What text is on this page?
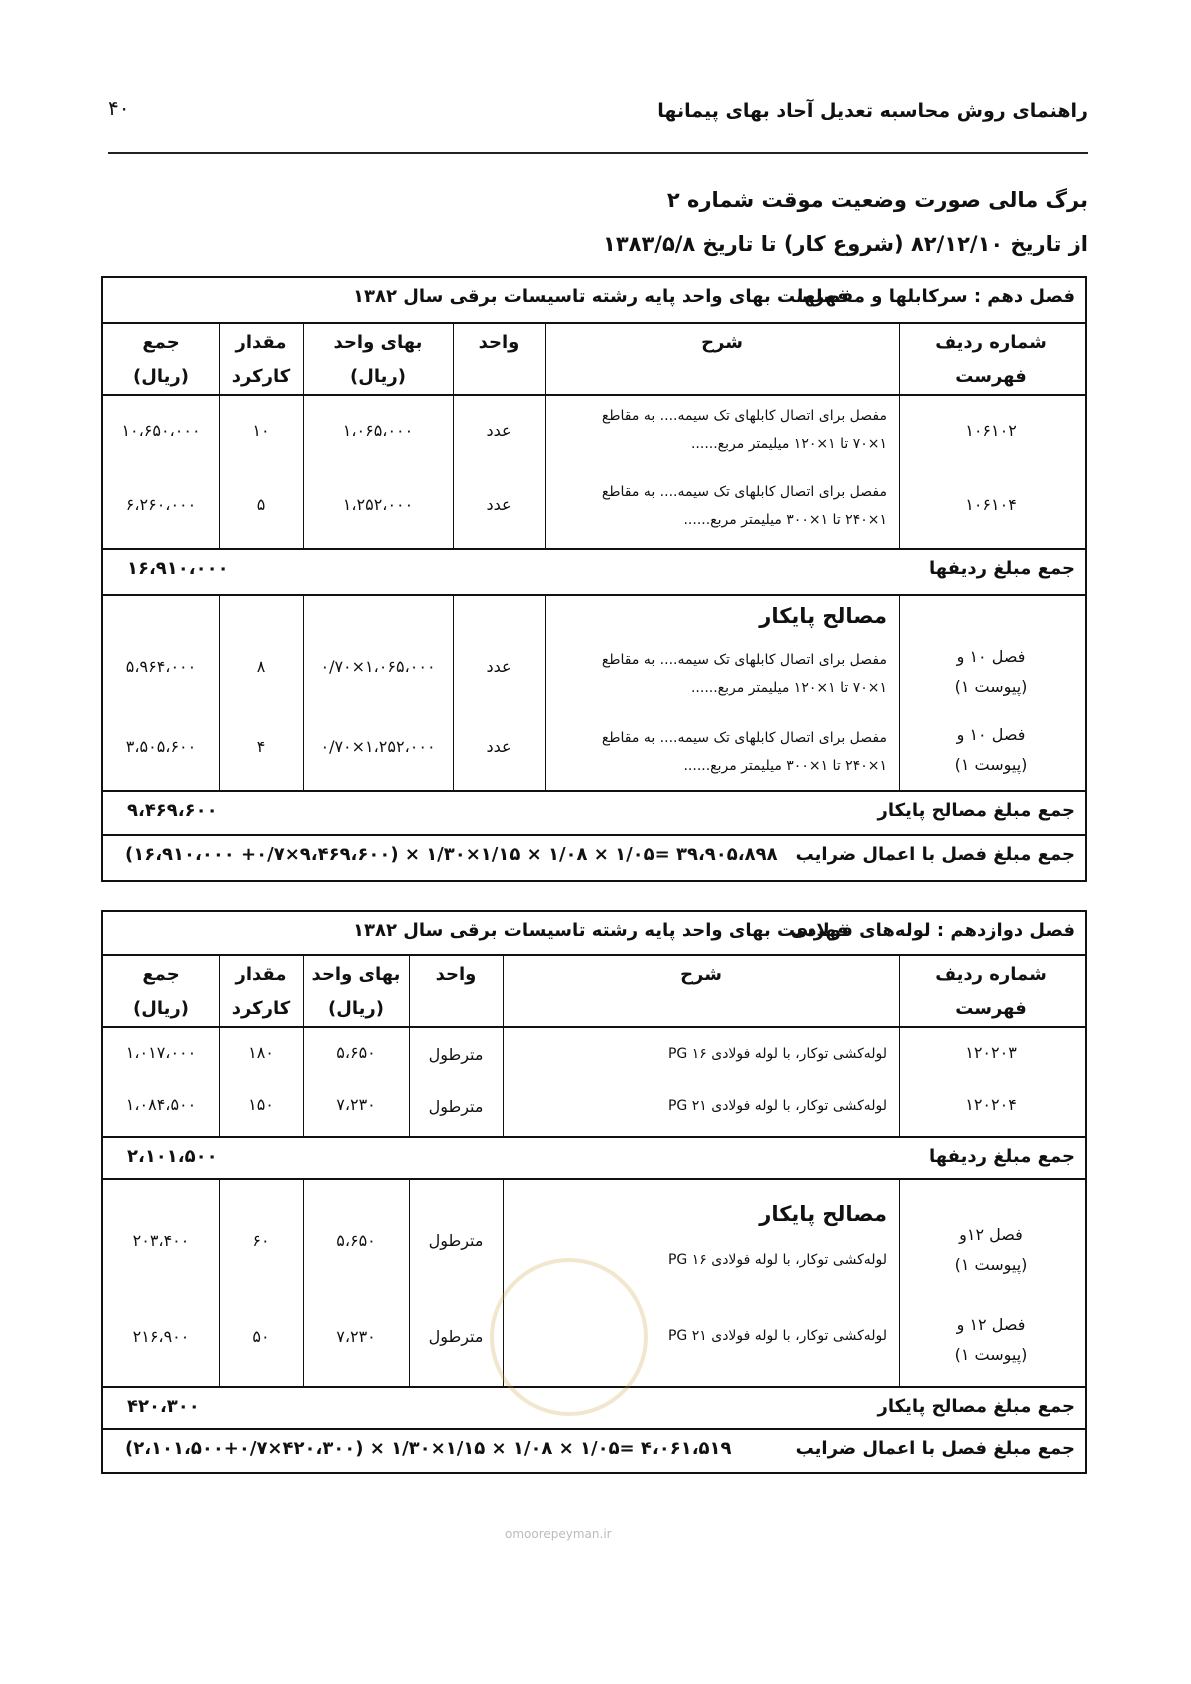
راهنمای روش محاسبه تعدیل آحاد بهای پیمانها
۴۰
برگ مالی صورت وضعیت موقت شماره ۲
از تاریخ ۸۲/۱۲/۱۰ (شروع کار) تا تاریخ ۱۳۸۳/۵/۸
فصل دهم : سرکابلها و مفصلها
فهرست بهای واحد پایه رشته تاسیسات برقی سال ۱۳۸۲
شماره ردیف
فهرست
شرح
واحد
بهای واحد
(ریال)
مقدار
کارکرد
جمع
(ریال)
۱۰۶۱۰۲
مفصل برای اتصال کابلهای تک سیمه.... به مقاطع
۱×۷۰ تا ۱×۱۲۰ میلیمتر مربع......
عدد
۱،۰۶۵،۰۰۰
۱۰
۱۰،۶۵۰،۰۰۰
۱۰۶۱۰۴
مفصل برای اتصال کابلهای تک سیمه.... به مقاطع
۱×۲۴۰ تا ۱×۳۰۰ میلیمتر مربع......
عدد
۱،۲۵۲،۰۰۰
۵
۶،۲۶۰،۰۰۰
جمع مبلغ ردیفها
۱۶،۹۱۰،۰۰۰
مصالح پایکار
فصل ۱۰ و
(پیوست ۱)
مفصل برای اتصال کابلهای تک سیمه.... به مقاطع
۱×۷۰ تا ۱×۱۲۰ میلیمتر مربع......
عدد
۰/۷۰×۱،۰۶۵،۰۰۰
۸
۵،۹۶۴،۰۰۰
فصل ۱۰ و
(پیوست ۱)
مفصل برای اتصال کابلهای تک سیمه.... به مقاطع
۱×۲۴۰ تا ۱×۳۰۰ میلیمتر مربع......
عدد
۰/۷۰×۱،۲۵۲،۰۰۰
۴
۳،۵۰۵،۶۰۰
جمع مبلغ مصالح پایکار
۹،۴۶۹،۶۰۰
جمع مبلغ فصل با اعمال ضرایب
(۱۶،۹۱۰،۰۰۰ +۰/۷×۹،۴۶۹،۶۰۰) × ۱/۳۰×۱/۱۵ × ۱/۰۸ × ۱/۰۵= ۳۹،۹۰۵،۸۹۸
فصل دوازدهم : لوله‌های فولادی
فهرست بهای واحد پایه رشته تاسیسات برقی سال ۱۳۸۲
شماره ردیف
فهرست
شرح
واحد
بهای واحد
(ریال)
مقدار
کارکرد
جمع
(ریال)
۱۲۰۲۰۳
لوله‌کشی توکار، با لوله فولادی ۱۶ PG
مترطول
۵،۶۵۰
۱۸۰
۱،۰۱۷،۰۰۰
۱۲۰۲۰۴
لوله‌کشی توکار، با لوله فولادی ۲۱ PG
مترطول
۷،۲۳۰
۱۵۰
۱،۰۸۴،۵۰۰
جمع مبلغ ردیفها
۲،۱۰۱،۵۰۰
مصالح پایکار
فصل ۱۲و
(پیوست ۱)
لوله‌کشی توکار، با لوله فولادی ۱۶ PG
مترطول
۵،۶۵۰
۶۰
۲۰۳،۴۰۰
فصل ۱۲ و
(پیوست ۱)
لوله‌کشی توکار، با لوله فولادی ۲۱ PG
مترطول
۷،۲۳۰
۵۰
۲۱۶،۹۰۰
جمع مبلغ مصالح پایکار
۴۲۰،۳۰۰
جمع مبلغ فصل با اعمال ضرایب
(۲،۱۰۱،۵۰۰+۰/۷×۴۲۰،۳۰۰) × ۱/۳۰×۱/۱۵ × ۱/۰۸ × ۱/۰۵= ۴،۰۶۱،۵۱۹
omoorepeyman.ir
